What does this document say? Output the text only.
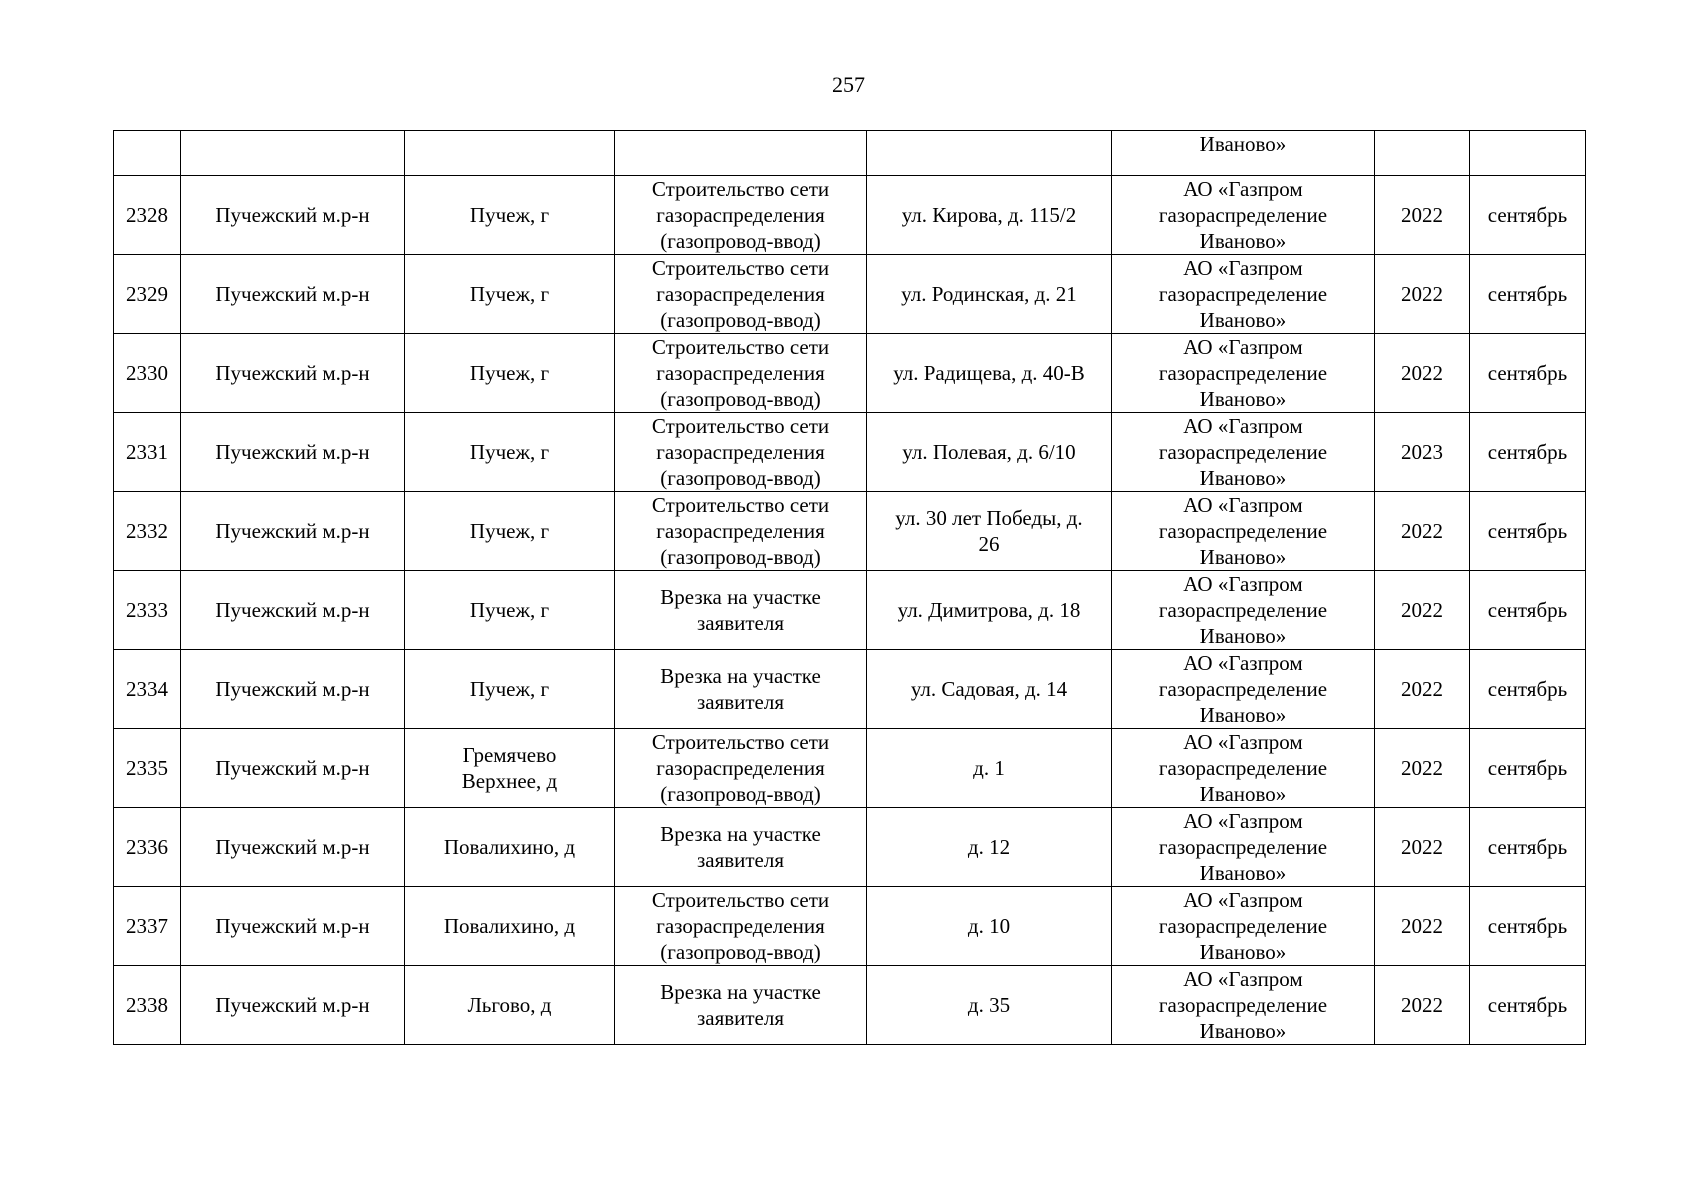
257
					Иваново»		
2328	Пучежский м.р-н	Пучеж, г	Строительство сети
газораспределения
(газопровод-ввод)	ул. Кирова, д. 115/2	АО «Газпром
газораспределение
Иваново»	2022	сентябрь
2329	Пучежский м.р-н	Пучеж, г	Строительство сети
газораспределения
(газопровод-ввод)	ул. Родинская, д. 21	АО «Газпром
газораспределение
Иваново»	2022	сентябрь
2330	Пучежский м.р-н	Пучеж, г	Строительство сети
газораспределения
(газопровод-ввод)	ул. Радищева, д. 40-В	АО «Газпром
газораспределение
Иваново»	2022	сентябрь
2331	Пучежский м.р-н	Пучеж, г	Строительство сети
газораспределения
(газопровод-ввод)	ул. Полевая, д. 6/10	АО «Газпром
газораспределение
Иваново»	2023	сентябрь
2332	Пучежский м.р-н	Пучеж, г	Строительство сети
газораспределения
(газопровод-ввод)	ул. 30 лет Победы, д.
26	АО «Газпром
газораспределение
Иваново»	2022	сентябрь
2333	Пучежский м.р-н	Пучеж, г	Врезка на участке
заявителя	ул. Димитрова, д. 18	АО «Газпром
газораспределение
Иваново»	2022	сентябрь
2334	Пучежский м.р-н	Пучеж, г	Врезка на участке
заявителя	ул. Садовая, д. 14	АО «Газпром
газораспределение
Иваново»	2022	сентябрь
2335	Пучежский м.р-н	Гремячево
Верхнее, д	Строительство сети
газораспределения
(газопровод-ввод)	д. 1	АО «Газпром
газораспределение
Иваново»	2022	сентябрь
2336	Пучежский м.р-н	Повалихино, д	Врезка на участке
заявителя	д. 12	АО «Газпром
газораспределение
Иваново»	2022	сентябрь
2337	Пучежский м.р-н	Повалихино, д	Строительство сети
газораспределения
(газопровод-ввод)	д. 10	АО «Газпром
газораспределение
Иваново»	2022	сентябрь
2338	Пучежский м.р-н	Льгово, д	Врезка на участке
заявителя	д. 35	АО «Газпром
газораспределение
Иваново»	2022	сентябрь
